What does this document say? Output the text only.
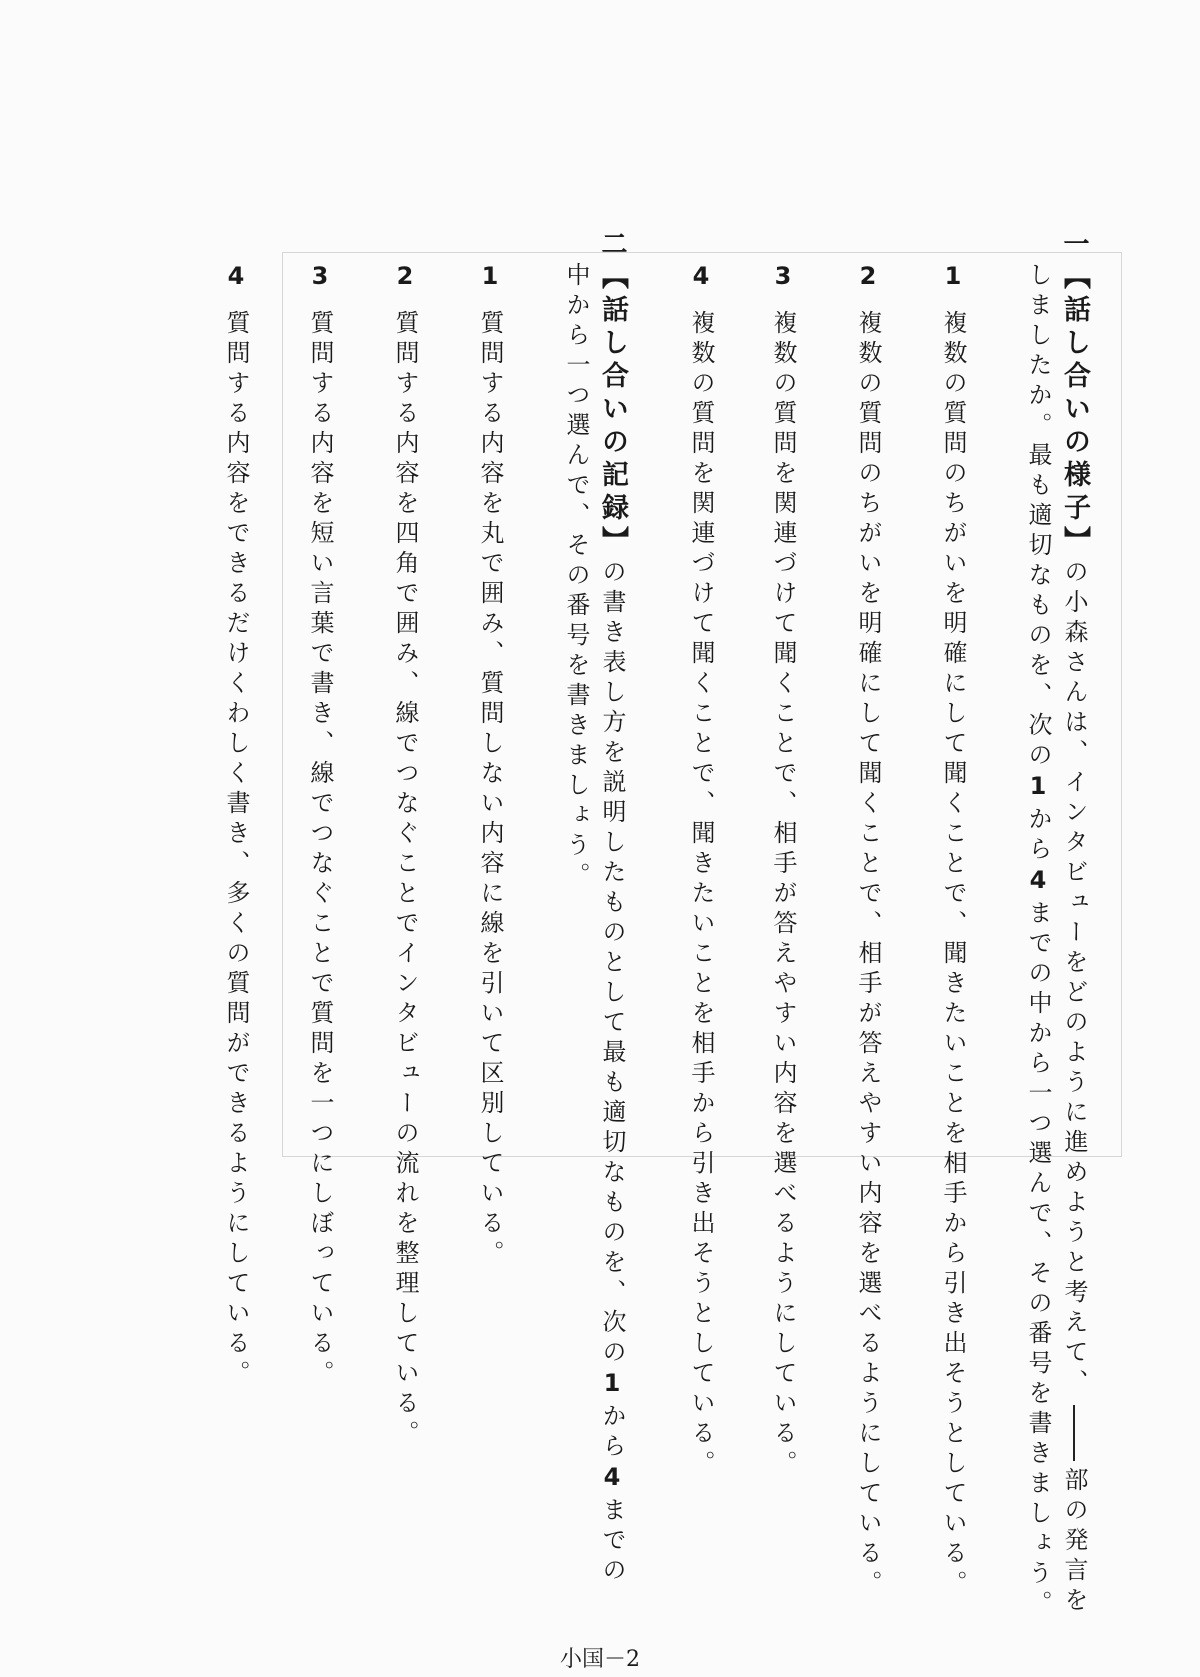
一【話し合いの様子】の小森さんは、インタビューをどのように進めようと考えて、部の発言を
しましたか。最も適切なものを、次の1から4までの中から一つ選んで、その番号を書きましょう。
1複数の質問のちがいを明確にして聞くことで、聞きたいことを相手から引き出そうとしている。
2複数の質問のちがいを明確にして聞くことで、相手が答えやすい内容を選べるようにしている。
3複数の質問を関連づけて聞くことで、相手が答えやすい内容を選べるようにしている。
4複数の質問を関連づけて聞くことで、聞きたいことを相手から引き出そうとしている。
二【話し合いの記録】の書き表し方を説明したものとして最も適切なものを、次の1から4までの
中から一つ選んで、その番号を書きましょう。
1質問する内容を丸で囲み、質問しない内容に線を引いて区別している。
2質問する内容を四角で囲み、線でつなぐことでインタビューの流れを整理している。
3質問する内容を短い言葉で書き、線でつなぐことで質問を一つにしぼっている。
4質問する内容をできるだけくわしく書き、多くの質問ができるようにしている。
小国－2
